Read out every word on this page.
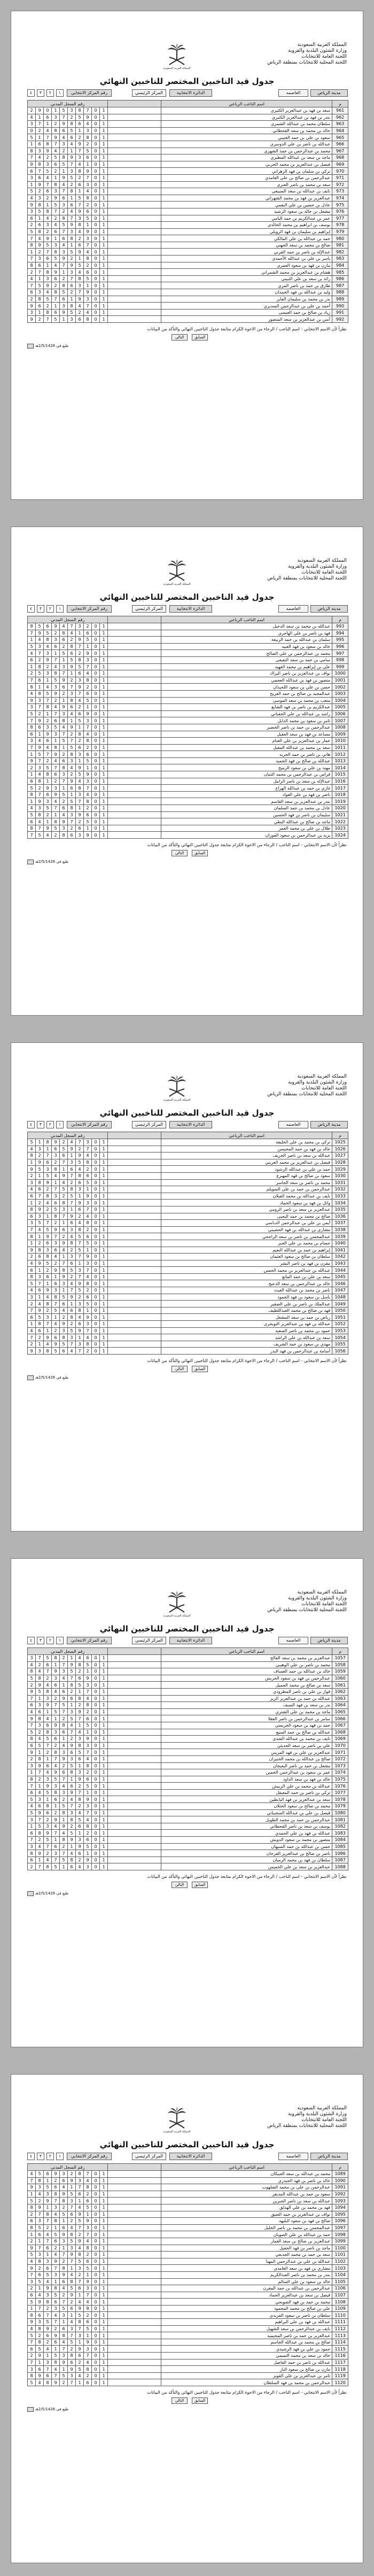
المملكة العربية السعودية
وزارة الشئون البلدية والقروية
اللجنة العامة للانتخابات
اللجنة المحلية للانتخابات بمنطقة الرياض
المملكة العربية السعودية
جدول قيد الناخبين المختصر للناخبين النهائي
٤	٣	٢	١	رقم المركز الانتخابي	المركز الرئيسي	الدائرة الانتخابية	العاصمه	مدينة الرياض
رقم السجل المدني											اسم الناخب الرباعي	م
2	9	0	1	5	3	8	7	0	1		سعد بن فهد بن عبدالعزيز الكثيري	961
4	1	6	3	7	2	5	9	0	1		بندر بن فهد بن عبدالعزيز الكثيري	962
3	7	1	2	9	8	6	4	0	1		سلطان محمد بن عبدالله الشمري	963
0	2	4	8	6	5	1	3	0	1		خالد بن محمد بن سعد القحطاني	964
5	1	7	9	4	6	2	8	0	1		سعود بن علي بن حمد العتيبي	965
1	6	8	7	3	4	9	2	0	1		عبدالله بن ناصر بن علي الدوسري	966
8	3	9	4	2	1	7	5	0	1		محمد بن عبدالرحمن بن حمد الشهري	967
7	4	2	5	8	9	3	6	0	1		ماجد بن سعد بن عبدالله المطيري	968
9	8	3	6	5	7	4	1	0	1		فيصل بن عبدالعزيز بن محمد الحربي	969
6	7	5	2	1	3	8	9	0	1		تركي بن سلمان بن فهد الزهراني	970
3	6	4	1	9	5	2	7	0	1		عبدالرحمن بن صالح بن علي الغامدي	971
1	9	7	8	4	2	6	3	0	1		سعد بن محمد بن ناصر العنزي	972
5	2	6	3	7	8	1	4	0	1		نايف بن عبدالله بن سعد السبيعي	973
4	3	2	9	6	1	5	8	0	1		عبدالعزيز بن فهد بن محمد الشهراني	974
9	8	1	5	3	6	7	2	0	1		عادل بن حسين بن علي البقمي	975
3	5	8	7	2	4	9	6	0	1		مشعل بن خالد بن سعود الرشيد	976
6	1	4	2	8	7	3	5	0	1		عمر بن عبدالكريم بن حمد اليامي	977
2	6	3	4	5	9	8	1	0	1		يوسف بن ابراهيم بن محمد الخالدي	978
5	8	2	6	7	3	4	9	0	1		إبراهيم بن سليمان بن فهد الرويلي	979
7	4	9	1	6	8	2	3	0	1		حمد بن عبدالله بن علي المالكي	980
8	9	5	3	4	1	6	7	0	1		صالح بن محمد بن سعد الجهني	981
1	2	7	8	3	5	9	4	0	1		عبدالإله بن ناصر بن حمد القرني	982
7	3	6	5	9	2	1	8	0	1		ياسر بن علي بن عبدالله الأحمدي	983
8	6	1	4	7	9	5	2	0	1		مازن بن فهد بن سعود العمري	984
2	7	8	9	1	3	4	6	0	1		هشام بن عبدالعزيز بن محمد الشمراني	985
4	1	3	6	2	7	8	5	0	1		رائد بن سعد بن علي الثبيتي	986
7	5	9	2	8	6	3	1	0	1		طارق بن حمد بن ناصر المري	987
6	3	4	8	5	2	7	9	0	1		وليد بن عبدالله بن فهد الحمدان	988
2	8	5	7	6	1	9	3	0	1		بدر بن محمد بن سليمان الفايز	989
9	6	2	1	3	8	4	7	0	1		أحمد بن علي بن عبدالرحمن السديري	990
3	1	8	6	9	5	2	4	0	1		زياد بن صالح بن حمد العيسى	991
9	2	7	5	1	3	6	8	0	1		أنس بن عبدالعزيز بن سعد المنصور	992
نظراً لأن الاسم الانتخابي - اسم الناخب / الرجاء من الاخوة الكرام متابعة جدول الناخبين النهائي والتأكد من البيانات
التالي	السابق
طبع في 2/5/1426هـ
المملكة العربية السعودية
وزارة الشئون البلدية والقروية
اللجنة العامة للانتخابات
اللجنة المحلية للانتخابات بمنطقة الرياض
المملكة العربية السعودية
جدول قيد الناخبين المختصر للناخبين النهائي
٤	٣	٢	١	رقم المركز الانتخابي	المركز الرئيسي	الدائرة الانتخابية	العاصمه	مدينة الرياض
رقم السجل المدني											اسم الناخب الرباعي	م
8	5	6	9	4	7	3	2	0	1		عبدالله بن محمد بن سعد الدخيل	993
7	9	5	2	8	4	1	6	0	1		فهد بن ناصر بن علي الهاجري	994
1	4	8	3	6	2	9	5	0	1		سلمان بن عبدالله بن حمد الربيعة	995
5	3	4	6	2	8	7	1	0	1		خالد بن سعود بن فهد العبيد	996
4	7	3	1	5	6	2	9	0	1		محمد بن عبدالرحمن بن علي الصالح	997
6	2	9	7	1	5	8	3	0	1		سامي بن حمد بن سعد النفيعي	998
1	8	2	4	3	9	5	7	0	1		علي بن إبراهيم بن محمد الفهيد	999
2	5	3	8	7	1	6	4	0	1		نواف بن عبدالعزيز بن ناصر البراك	1000
7	6	1	5	9	2	3	8	0	1		منصور بن فهد بن عبدالله العجمي	1001
8	1	4	3	6	7	9	2	0	1		حسن بن علي بن سعود اللحيدان	1002
4	8	5	9	2	3	7	6	0	1		عبدالمجيد بن صالح بن حمد الفريح	1003
9	3	7	2	1	8	4	5	0	1		متعب بن محمد بن سعد الموسى	1004
3	7	8	4	9	6	2	1	0	1		عبدالكريم بن ناصر بن فهد الشايع	1005
5	2	1	7	3	4	6	9	0	1		راشد بن عبدالله بن علي الحقباني	1006
7	9	2	6	8	1	5	3	0	1		ثامر بن سعود بن محمد الدايل	1007
8	6	3	5	4	9	1	7	0	1		عبدالرحمن بن حمد بن ناصر الخضير	1008
6	1	9	3	7	2	8	4	0	1		مساعد بن فهد بن سعد العقيل	1009
3	4	6	1	5	7	2	8	0	1		عمار بن عبدالعزيز بن علي الغنام	1010
7	9	4	8	1	5	6	2	0	1		سعد بن محمد بن عبدالله المقبل	1011
1	5	7	9	2	8	3	6	0	1		هاني بن ناصر بن حمد الجريد	1012
9	7	2	4	6	3	1	5	0	1		عبدالله بن صالح بن فهد الحميد	1013
2	3	5	7	8	4	9	1	0	1		مهند بن علي بن سعود الرميح	1014
1	4	8	6	3	2	5	9	0	1		فراس بن عبدالرحمن بن محمد الثنيان	1015
6	8	1	2	7	9	4	3	0	1		عبدالإله بن سعد بن ناصر الزامل	1016
5	2	9	3	1	6	8	7	0	1		غازي بن حمد بن عبدالله الهزاع	1017
8	7	6	9	5	1	3	4	0	1		ناصر بن فهد بن علي العواد	1018
1	9	3	4	2	5	7	8	0	1		بندر بن عبدالعزيز بن سعد القاسم	1019
4	3	5	7	6	8	1	2	0	1		عادل بن محمد بن حمد السلمان	1020
5	8	2	1	4	3	9	6	0	1		سليمان بن ناصر بن فهد الحسين	1021
6	4	1	8	9	7	2	5	0	1		ماجد بن صالح بن عبدالله البطي	1022
8	7	9	5	3	2	6	1	0	1		طلال بن علي بن محمد العمر	1023
7	5	4	2	8	6	3	9	0	1		يزيد بن عبدالرحمن بن سعود الفوزان	1024
نظراً لأن الاسم الانتخابي - اسم الناخب / الرجاء من الاخوة الكرام متابعة جدول الناخبين النهائي والتأكد من البيانات
التالي	السابق
طبع في 2/5/1426هـ
المملكة العربية السعودية
وزارة الشئون البلدية والقروية
اللجنة العامة للانتخابات
اللجنة المحلية للانتخابات بمنطقة الرياض
المملكة العربية السعودية
جدول قيد الناخبين المختصر للناخبين النهائي
٤	٣	٢	١	رقم المركز الانتخابي	المركز الرئيسي	الدائرة الانتخابية	العاصمه	مدينة الرياض
رقم السجل المدني											اسم الناخب الرباعي	م
5	1	8	9	2	4	7	3	0	1		تركي بن محمد بن علي الخليفة	1025
4	3	1	6	5	9	2	7	0	1		خالد بن فهد بن حمد المحيسن	1026
8	2	7	3	6	1	9	4	0	1		عبدالله بن سعد بن ناصر الخريف	1027
1	9	6	2	7	3	5	8	0	1		فيصل بن عبدالعزيز بن محمد العريني	1028
9	5	3	8	1	6	4	2	0	1		حمد بن علي بن عبدالله الرشود	1029
2	1	5	4	9	7	8	6	0	1		سعود بن صالح بن فهد المهيزع	1030
3	8	9	1	4	2	6	5	0	1		محمد بن ناصر بن سعد الجاسر	1031
4	6	2	7	5	8	3	1	0	1		عبدالرحمن بن حمد بن علي السويلم	1032
6	7	8	3	2	5	1	9	0	1		نايف بن عبدالله بن محمد القبلان	1033
1	2	4	6	8	7	9	3	0	1		وائل بن فهد بن سعود الحماد	1034
8	9	2	5	3	1	6	7	0	1		عبدالعزيز بن سعد بن ناصر الرومي	1035
6	3	1	8	7	9	2	4	0	1		صالح بن محمد بن حمد اليحيى	1036
3	5	7	2	1	6	4	8	0	1		أيمن بن علي بن عبدالرحمن الدباسي	1037
7	4	5	9	6	3	8	2	0	1		مشاري بن عبدالله بن فهد الحصيني	1038
8	1	9	7	2	4	5	6	0	1		عبدالمحسن بن ناصر بن سعد الراجحي	1039
1	2	6	3	9	8	7	5	0	1		حسام بن محمد بن علي الجبر	1040
9	8	3	6	4	2	5	1	0	1		إبراهيم بن حمد بن عبدالله النعيم	1041
2	6	8	4	1	3	7	9	0	1		سلطان بن صالح بن سعود العثمان	1042
4	9	5	2	7	6	1	3	0	1		مقرن بن فهد بن ناصر البشر	1043
6	1	2	9	8	5	3	7	0	1		عبدالله بن عبدالعزيز بن محمد الحسن	1044
8	3	6	1	9	2	7	4	0	1		سعد بن علي بن حمد المانع	1045
5	7	1	6	3	4	9	8	0	1		خالد بن عبدالرحمن بن سعد الدعيج	1046
4	6	9	3	1	7	5	2	0	1		ناصر بن محمد بن عبدالله الغيث	1047
3	1	4	8	5	9	2	6	0	1		باسل بن سعود بن فهد الحمود	1048
2	4	8	7	6	1	3	5	0	1		عبدالملك بن ناصر بن علي الصقير	1049
7	9	2	5	4	6	8	1	0	1		فهد بن صالح بن محمد العبداللطيف	1050
6	5	3	1	2	8	4	9	0	1		رياض بن حمد بن سعد المشعل	1051
1	8	7	4	9	2	6	3	0	1		عبدالله بن فهد بن عبدالعزيز التويجري	1052
4	6	1	2	3	5	9	7	0	1		حمود بن محمد بن ناصر السعيد	1053
7	2	9	6	8	3	1	4	0	1		سعد بن عبدالله بن علي الراشد	1054
2	1	4	9	5	7	3	8	0	1		مهدي بن سعود بن حمد الشريف	1055
9	3	8	5	6	4	7	2	0	1		أسامة بن عبدالرحمن بن فهد البدر	1056
نظراً لأن الاسم الانتخابي - اسم الناخب / الرجاء من الاخوة الكرام متابعة جدول الناخبين النهائي والتأكد من البيانات
التالي	السابق
طبع في 2/5/1426هـ
المملكة العربية السعودية
وزارة الشئون البلدية والقروية
اللجنة العامة للانتخابات
اللجنة المحلية للانتخابات بمنطقة الرياض
المملكة العربية السعودية
جدول قيد الناخبين المختصر للناخبين النهائي
٤	٣	٢	١	رقم المركز الانتخابي	المركز الرئيسي	الدائرة الانتخابية	العاصمه	مدينة الرياض
رقم السجل المدني											اسم الناخب الرباعي	م
3	7	5	8	2	1	4	6	0	1		عبدالعزيز بن محمد بن سعد الفالح	1057
4	2	6	1	7	9	8	5	0	1		محمد بن ناصر بن علي الوهيبي	1058
8	4	7	9	3	5	2	1	0	1		خالد بن عبدالله بن حمد العساف	1059
5	8	2	3	4	7	6	9	0	1		عبدالرحمن بن فهد بن سعود الحربش	1060
2	9	4	6	1	8	5	3	0	1		سعد بن صالح بن محمد الجميل	1061
9	5	8	4	6	2	1	7	0	1		فواز بن علي بن ناصر المطرودي	1062
7	1	3	2	9	6	8	4	0	1		عبدالله بن حمد بن عبدالعزيز الزير	1063
6	3	9	7	5	1	2	8	0	1		بدر بن سعد بن فهد السيف	1064
4	6	1	5	7	3	9	2	0	1		ماجد بن محمد بن علي الشثري	1065
9	8	4	1	2	5	7	6	0	1		سامر بن عبدالرحمن بن ناصر العقلا	1066
7	3	6	9	8	4	1	5	0	1		حمد بن فهد بن سعود الجريسي	1067
5	2	8	3	6	7	4	1	0	1		عبدالله بن صالح بن حمد المنيع	1068
8	4	5	6	1	2	3	9	0	1		نايف بن محمد بن عبدالله الشدي	1069
6	5	7	2	4	9	8	3	0	1		علي بن ناصر بن سعد الحديثي	1070
9	1	2	8	3	6	5	7	0	1		عبدالعزيز بن علي بن فهد المزيني	1071
2	8	1	7	9	3	6	4	0	1		صالح بن عبدالله بن محمد الخنيزان	1072
3	9	6	4	2	5	1	8	0	1		مشعل بن حمد بن ناصر البعيجان	1073
1	7	4	9	6	8	3	2	0	1		عمر بن سعود بن عبدالرحمن الحمين	1074
8	2	3	5	7	1	9	6	0	1		خالد بن فهد بن سعد الداود	1075
7	1	9	3	4	6	2	5	0	1		عبدالله بن محمد بن علي الربيش	1076
6	4	5	8	3	9	7	1	0	1		تركي بن ناصر بن حمد المعيقل	1077
5	3	1	6	2	4	8	9	0	1		سعد بن عبدالعزيز بن فهد البابطين	1078
4	6	8	1	5	7	2	3	0	1		محمد بن صالح بن سعود الخثلان	1079
5	9	6	2	8	3	4	7	0	1		فيصل بن علي بن عبدالله السحيباني	1080
3	7	2	9	1	8	5	4	0	1		عبدالرحمن بن حمد بن محمد الطويل	1081
1	5	3	4	9	2	6	8	0	1		يوسف بن سعد بن ناصر القحطاني	1082
6	8	9	7	4	5	1	2	0	1		عبدالله بن فهد بن علي الحمدي	1083
7	2	5	1	8	9	3	6	0	1		منصور بن محمد بن سعود الدويش	1084
3	4	7	6	2	1	9	5	0	1		حسن بن عبدالله بن حمد السبهان	1085
8	9	2	3	7	4	6	1	0	1		ناصر بن صالح بن عبدالعزيز الفرحان	1086
6	1	4	7	5	8	2	9	0	1		سلطان بن فهد بن محمد الرميان	1087
2	7	8	5	1	6	4	3	0	1		عبدالعزيز بن سعد بن علي الخميس	1088
نظراً لأن الاسم الانتخابي - اسم الناخب / الرجاء من الاخوة الكرام متابعة جدول الناخبين النهائي والتأكد من البيانات
التالي	السابق
طبع في 2/5/1426هـ
المملكة العربية السعودية
وزارة الشئون البلدية والقروية
اللجنة العامة للانتخابات
اللجنة المحلية للانتخابات بمنطقة الرياض
المملكة العربية السعودية
جدول قيد الناخبين المختصر للناخبين النهائي
٤	٣	٢	١	رقم المركز الانتخابي	المركز الرئيسي	الدائرة الانتخابية	العاصمه	مدينة الرياض
رقم السجل المدني											اسم الناخب الرباعي	م
4	5	6	9	3	2	8	7	0	1		محمد بن عبدالله بن سعد العبيكان	1089
7	8	1	2	6	9	3	4	0	1		خالد بن ناصر بن فهد الحيدري	1090
9	3	5	6	4	1	7	8	0	1		عبدالرحمن بن علي بن محمد الشلهوب	1091
1	4	3	8	9	5	6	2	0	1		سعود بن حمد بن عبدالله المديفر	1092
5	2	9	7	8	3	1	6	0	1		عبدالله بن سعد بن ناصر الجبرين	1093
8	9	1	3	2	7	4	5	0	1		فهد بن محمد بن علي الهدلق	1094
2	7	8	4	5	6	9	1	0	1		نواف بن عبدالعزيز بن حمد العتيق	1095
6	3	7	8	1	2	5	9	0	1		صالح بن فهد بن سعود البليهد	1096
8	5	2	1	6	4	7	3	0	1		عبدالمحسن بن محمد بن ناصر الخليل	1097
1	6	4	5	9	8	2	7	0	1		حمد بن عبدالله بن علي الصويان	1098
2	1	7	6	3	5	9	4	0	1		عبدالعزيز بن صالح بن سعد العمار	1099
9	7	6	2	1	3	4	8	0	1		ماجد بن ناصر بن فهد الحقيل	1100
5	3	1	4	7	9	8	2	0	1		سعد بن حمد بن محمد الجديعي	1101
4	8	3	9	2	7	5	6	0	1		عبدالله بن علي بن عبدالرحمن المهنا	1102
9	2	6	7	8	1	3	5	0	1		مشاري بن فهد بن سعد الغامدي	1103
7	6	5	3	9	4	2	1	0	1		بندر بن محمد بن ناصر العبدالكريم	1104
3	5	4	1	6	8	7	9	0	1		خالد بن سعود بن علي السالم	1105
2	1	9	8	4	5	6	3	0	1		عبدالرحمن بن عبدالله بن حمد المقرن	1106
6	4	3	5	2	9	1	7	0	1		فيصل بن سعد بن عبدالعزيز الحماد	1107
5	9	8	6	7	2	4	4	0	1		محمد بن حمد بن فهد الضويحي	1108
1	7	2	3	5	6	9	8	0	1		علي بن صالح بن محمد المحمود	1109
8	6	7	4	3	1	5	2	0	1		سلطان بن ناصر بن سعود الفريدي	1110
9	3	5	7	1	4	8	6	0	1		عبدالله بن فهد بن علي البراهيم	1111
4	8	9	2	6	3	7	5	0	1		نايف بن عبدالرحمن بن سعد الشهيل	1112
5	2	6	9	8	7	3	1	0	1		عبدالعزيز بن حمد بن ناصر المحيميد	1113
7	8	2	6	4	5	1	9	0	1		صالح بن محمد بن عبدالله الجاسم	1114
6	5	4	1	7	2	9	3	0	1		حمود بن علي بن فهد الرشيدي	1115
2	9	1	5	3	8	6	7	0	1		خالد بن سعد بن محمد التميمي	1116
7	1	3	8	9	6	2	4	0	1		عبدالله بن ناصر بن حمد الفاضل	1117
3	6	7	4	1	9	5	8	0	1		مازن بن صالح بن سعود الباز	1118
8	9	6	7	5	3	4	2	0	1		ثامر بن عبدالعزيز بن علي القويز	1119
5	4	8	9	2	7	1	6	0	1		عبدالرحمن بن محمد بن فهد السلطان	1120
نظراً لأن الاسم الانتخابي - اسم الناخب / الرجاء من الاخوة الكرام متابعة جدول الناخبين النهائي والتأكد من البيانات
التالي	السابق
طبع في 2/5/1426هـ
